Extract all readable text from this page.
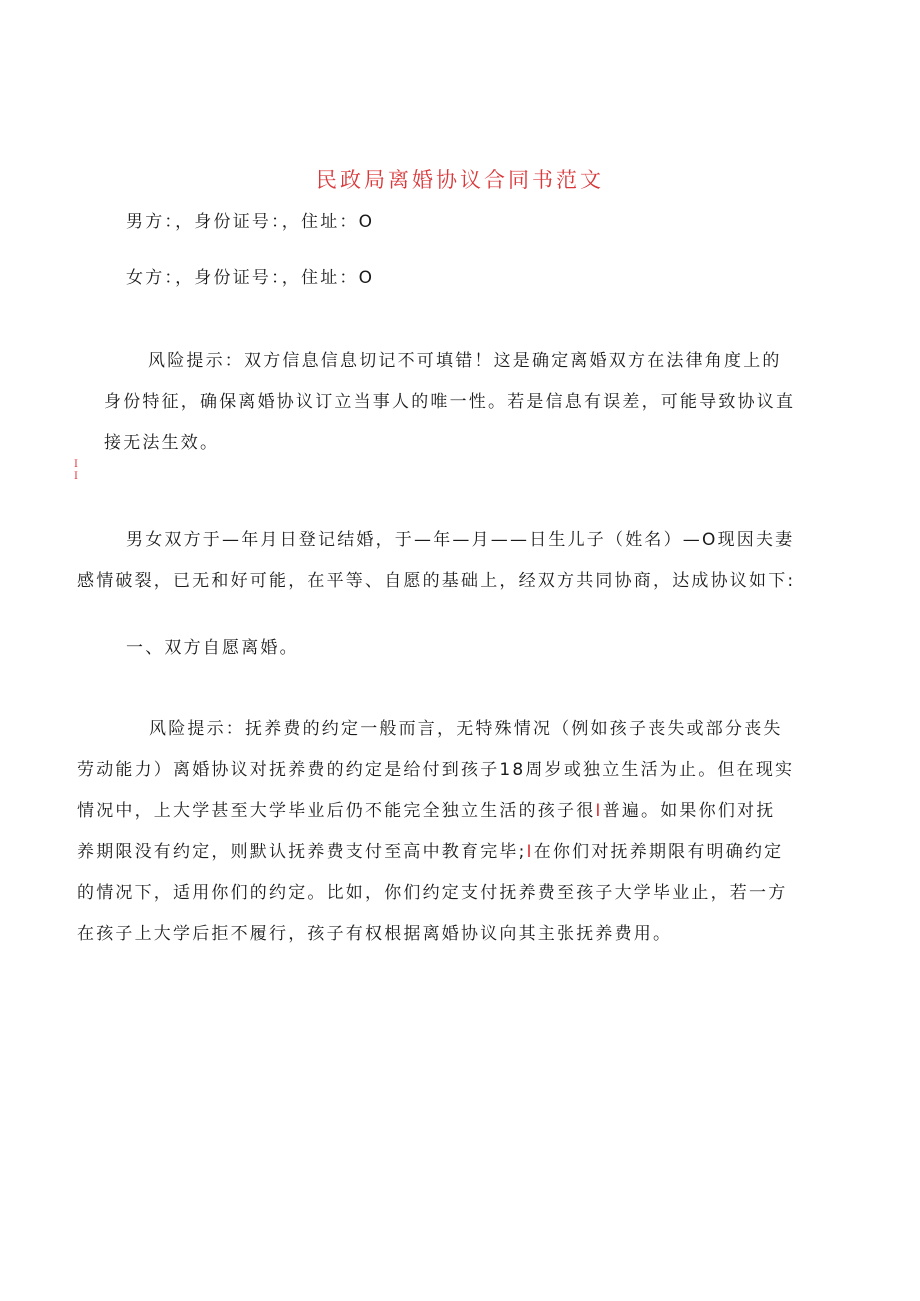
民政局离婚协议合同书范文
男方：，身份证号：，住址：O
女方：，身份证号：，住址：O
风险提示：双方信息信息切记不可填错！这是确定离婚双方在法律角度上的
身份特征，确保离婚协议订立当事人的唯一性。若是信息有误差，可能导致协议直
接无法生效。
I
I
男女双方于—年月日登记结婚，于—年—月——日生儿子（姓名）—O现因夫妻
感情破裂，已无和好可能，在平等、自愿的基础上，经双方共同协商，达成协议如下:
一、双方自愿离婚。
风险提示：抚养费的约定一般而言，无特殊情况（例如孩子丧失或部分丧失
劳动能力）离婚协议对抚养费的约定是给付到孩子18周岁或独立生活为止。但在现实
情况中，上大学甚至大学毕业后仍不能完全独立生活的孩子很I普遍。如果你们对抚
养期限没有约定，则默认抚养费支付至高中教育完毕;I在你们对抚养期限有明确约定
的情况下，适用你们的约定。比如，你们约定支付抚养费至孩子大学毕业止，若一方
在孩子上大学后拒不履行，孩子有权根据离婚协议向其主张抚养费用。
